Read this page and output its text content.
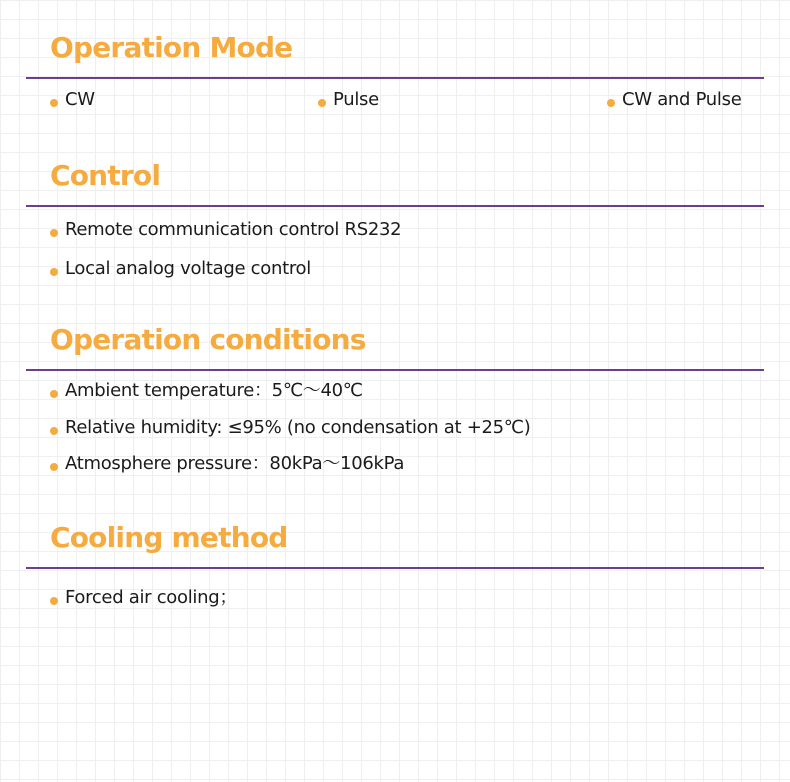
Operation Mode
CW	Pulse	CW and Pulse
Control
Remote communication control RS232
Local analog voltage control
Operation conditions
Ambient temperature：5℃～40℃
Relative humidity: ≤95% (no condensation at +25℃)
Atmosphere pressure：80kPa～106kPa
Cooling method
Forced air cooling；
